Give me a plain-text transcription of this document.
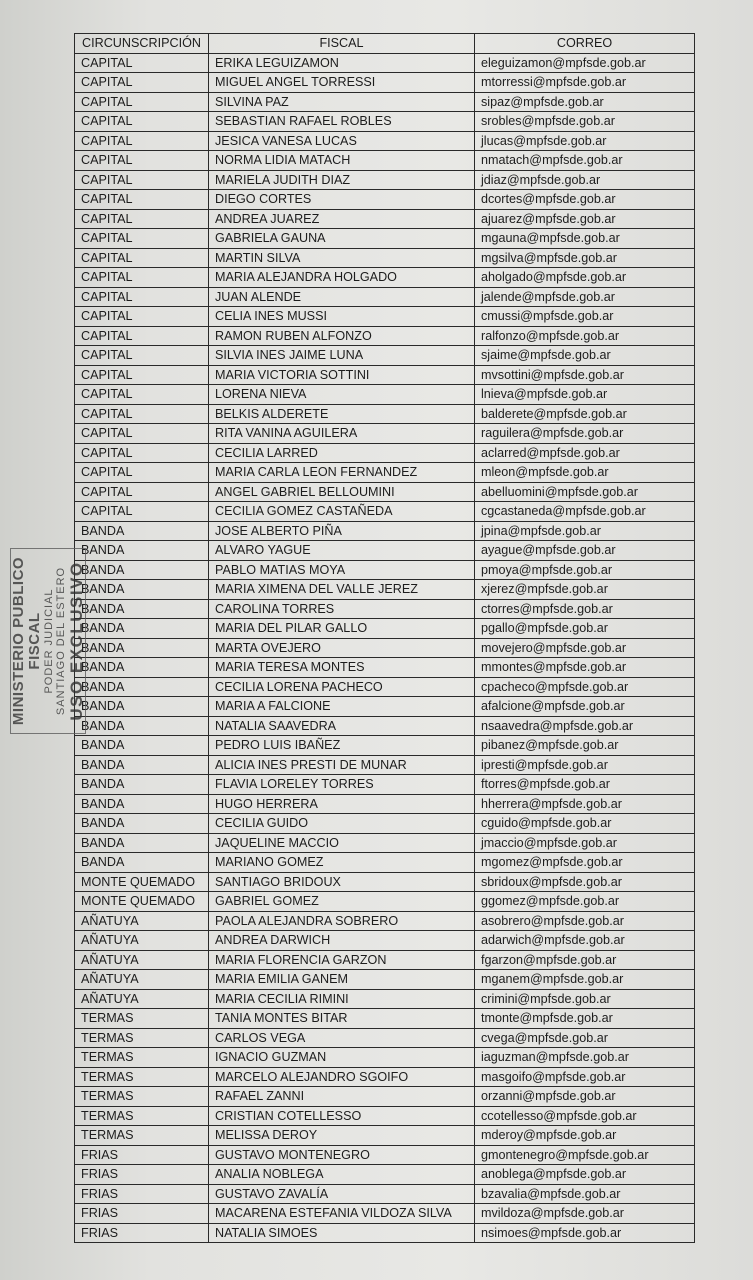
CIRCUNSCRIPCIÓN	FISCAL	CORREO
CAPITAL	ERIKA LEGUIZAMON	eleguizamon@mpfsde.gob.ar
CAPITAL	MIGUEL ANGEL TORRESSI	mtorressi@mpfsde.gob.ar
CAPITAL	SILVINA PAZ	sipaz@mpfsde.gob.ar
CAPITAL	SEBASTIAN RAFAEL ROBLES	srobles@mpfsde.gob.ar
CAPITAL	JESICA VANESA LUCAS	jlucas@mpfsde.gob.ar
CAPITAL	NORMA LIDIA MATACH	nmatach@mpfsde.gob.ar
CAPITAL	MARIELA JUDITH DIAZ	jdiaz@mpfsde.gob.ar
CAPITAL	DIEGO CORTES	dcortes@mpfsde.gob.ar
CAPITAL	ANDREA JUAREZ	ajuarez@mpfsde.gob.ar
CAPITAL	GABRIELA GAUNA	mgauna@mpfsde.gob.ar
CAPITAL	MARTIN SILVA	mgsilva@mpfsde.gob.ar
CAPITAL	MARIA ALEJANDRA HOLGADO	aholgado@mpfsde.gob.ar
CAPITAL	JUAN ALENDE	jalende@mpfsde.gob.ar
CAPITAL	CELIA INES MUSSI	cmussi@mpfsde.gob.ar
CAPITAL	RAMON RUBEN ALFONZO	ralfonzo@mpfsde.gob.ar
CAPITAL	SILVIA INES JAIME LUNA	sjaime@mpfsde.gob.ar
CAPITAL	MARIA VICTORIA SOTTINI	mvsottini@mpfsde.gob.ar
CAPITAL	LORENA NIEVA	lnieva@mpfsde.gob.ar
CAPITAL	BELKIS ALDERETE	balderete@mpfsde.gob.ar
CAPITAL	RITA VANINA AGUILERA	raguilera@mpfsde.gob.ar
CAPITAL	CECILIA LARRED	aclarred@mpfsde.gob.ar
CAPITAL	MARIA CARLA LEON FERNANDEZ	mleon@mpfsde.gob.ar
CAPITAL	ANGEL GABRIEL BELLOUMINI	abelluomini@mpfsde.gob.ar
CAPITAL	CECILIA GOMEZ CASTAÑEDA	cgcastaneda@mpfsde.gob.ar
BANDA	JOSE ALBERTO PIÑA	jpina@mpfsde.gob.ar
BANDA	ALVARO YAGUE	ayague@mpfsde.gob.ar
BANDA	PABLO MATIAS MOYA	pmoya@mpfsde.gob.ar
BANDA	MARIA XIMENA DEL VALLE JEREZ	xjerez@mpfsde.gob.ar
BANDA	CAROLINA TORRES	ctorres@mpfsde.gob.ar
BANDA	MARIA DEL PILAR GALLO	pgallo@mpfsde.gob.ar
BANDA	MARTA OVEJERO	movejero@mpfsde.gob.ar
BANDA	MARIA TERESA MONTES	mmontes@mpfsde.gob.ar
BANDA	CECILIA LORENA PACHECO	cpacheco@mpfsde.gob.ar
BANDA	MARIA A FALCIONE	afalcione@mpfsde.gob.ar
BANDA	NATALIA SAAVEDRA	nsaavedra@mpfsde.gob.ar
BANDA	PEDRO LUIS IBAÑEZ	pibanez@mpfsde.gob.ar
BANDA	ALICIA INES PRESTI DE MUNAR	ipresti@mpfsde.gob.ar
BANDA	FLAVIA LORELEY TORRES	ftorres@mpfsde.gob.ar
BANDA	HUGO HERRERA	hherrera@mpfsde.gob.ar
BANDA	CECILIA GUIDO	cguido@mpfsde.gob.ar
BANDA	JAQUELINE MACCIO	jmaccio@mpfsde.gob.ar
BANDA	MARIANO GOMEZ	mgomez@mpfsde.gob.ar
MONTE QUEMADO	SANTIAGO BRIDOUX	sbridoux@mpfsde.gob.ar
MONTE QUEMADO	GABRIEL GOMEZ	ggomez@mpfsde.gob.ar
AÑATUYA	PAOLA ALEJANDRA SOBRERO	asobrero@mpfsde.gob.ar
AÑATUYA	ANDREA DARWICH	adarwich@mpfsde.gob.ar
AÑATUYA	MARIA FLORENCIA GARZON	fgarzon@mpfsde.gob.ar
AÑATUYA	MARIA EMILIA GANEM	mganem@mpfsde.gob.ar
AÑATUYA	MARIA CECILIA RIMINI	crimini@mpfsde.gob.ar
TERMAS	TANIA MONTES BITAR	tmonte@mpfsde.gob.ar
TERMAS	CARLOS VEGA	cvega@mpfsde.gob.ar
TERMAS	IGNACIO GUZMAN	iaguzman@mpfsde.gob.ar
TERMAS	MARCELO ALEJANDRO SGOIFO	masgoifo@mpfsde.gob.ar
TERMAS	RAFAEL ZANNI	orzanni@mpfsde.gob.ar
TERMAS	CRISTIAN COTELLESSO	ccotellesso@mpfsde.gob.ar
TERMAS	MELISSA DEROY	mderoy@mpfsde.gob.ar
FRIAS	GUSTAVO MONTENEGRO	gmontenegro@mpfsde.gob.ar
FRIAS	ANALIA NOBLEGA	anoblega@mpfsde.gob.ar
FRIAS	GUSTAVO ZAVALÍA	bzavalia@mpfsde.gob.ar
FRIAS	MACARENA ESTEFANIA VILDOZA SILVA	mvildoza@mpfsde.gob.ar
FRIAS	NATALIA SIMOES	nsimoes@mpfsde.gob.ar
MINISTERIO PUBLICO FISCAL PODER JUDICIAL SANTIAGO DEL ESTERO USO EXCLUSIVO
